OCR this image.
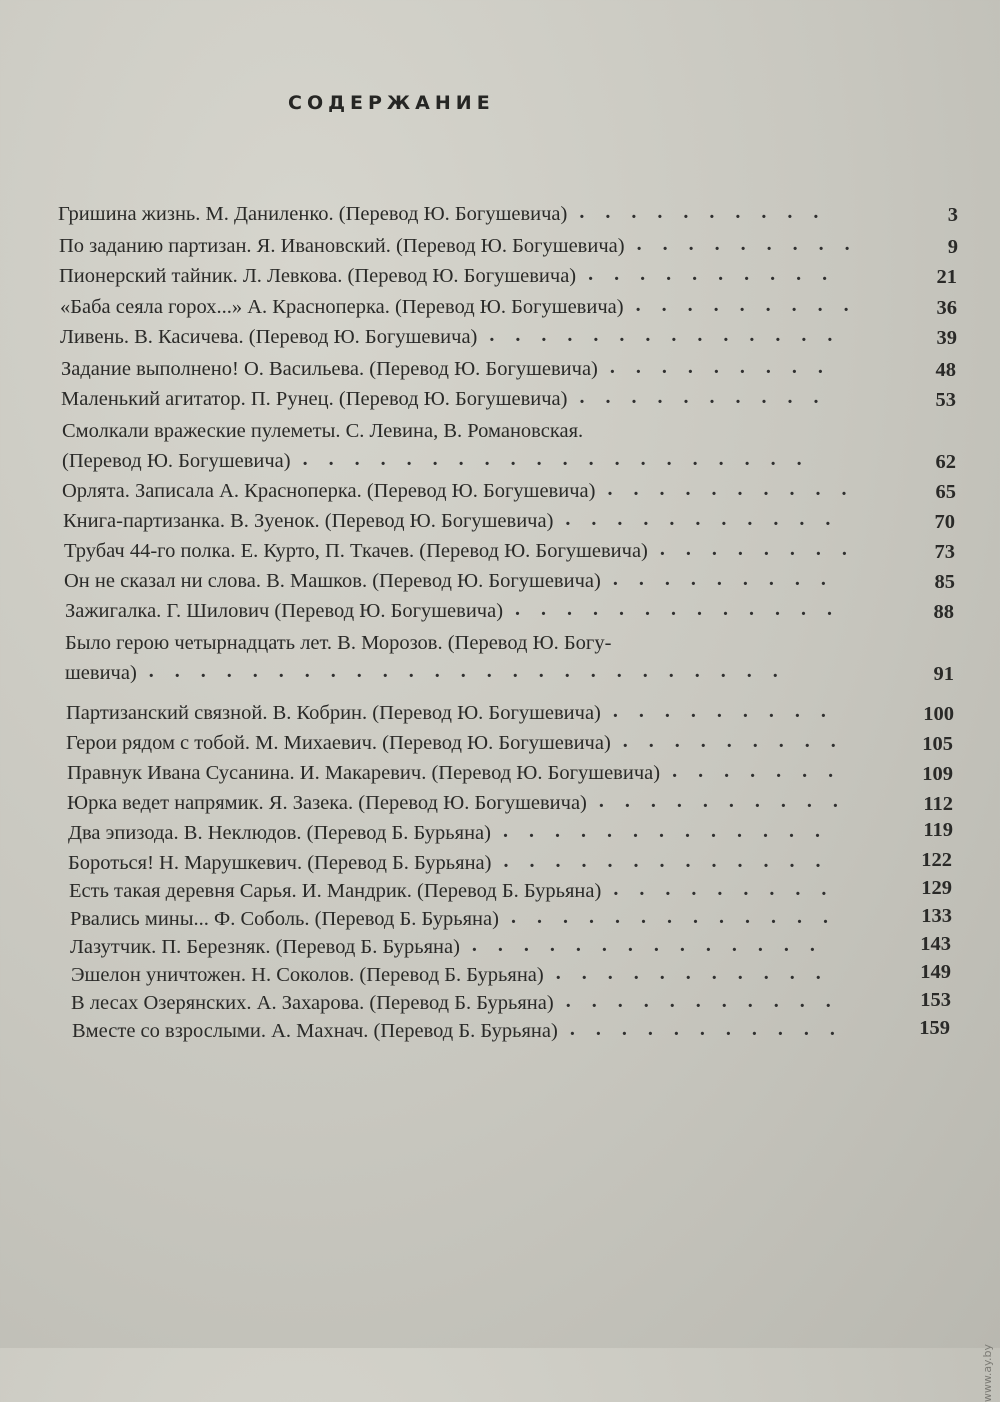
СОДЕРЖАНИЕ
Гришина жизнь. М. Даниленко. (Перевод Ю. Богушевича) ..........	3
По заданию партизан. Я. Ивановский. (Перевод Ю. Богушевича) .........	9
Пионерский тайник. Л. Левкова. (Перевод Ю. Богушевича) ..........	21
«Баба сеяла горох...» А. Красноперка. (Перевод Ю. Богушевича) .........	36
Ливень. В. Касичева. (Перевод Ю. Богушевича) ..............	39
Задание выполнено! О. Васильева. (Перевод Ю. Богушевича) .........	48
Маленький агитатор. П. Рунец. (Перевод Ю. Богушевича) ..........	53
Смолкали вражеские пулеметы. С. Левина, В. Романовская.
(Перевод Ю. Богушевича) ....................	62
Орлята. Записала А. Красноперка. (Перевод Ю. Богушевича) ..........	65
Книга-партизанка. В. Зуенок. (Перевод Ю. Богушевича) ...........	70
Трубач 44-го полка. Е. Курто, П. Ткачев. (Перевод Ю. Богушевича) ........	73
Он не сказал ни слова. В. Машков. (Перевод Ю. Богушевича) .........	85
Зажигалка. Г. Шилович (Перевод Ю. Богушевича) .............	88
Было герою четырнадцать лет. В. Морозов. (Перевод Ю. Богу-
шевича) .........................	91
Партизанский связной. В. Кобрин. (Перевод Ю. Богушевича) .........	100
Герои рядом с тобой. М. Михаевич. (Перевод Ю. Богушевича) .........	105
Правнук Ивана Сусанина. И. Макаревич. (Перевод Ю. Богушевича) .......	109
Юрка ведет напрямик. Я. Зазека. (Перевод Ю. Богушевича) ..........	112
Два эпизода. В. Неклюдов. (Перевод Б. Бурьяна) .............	119
Бороться! Н. Марушкевич. (Перевод Б. Бурьяна) .............	122
Есть такая деревня Сарья. И. Мандрик. (Перевод Б. Бурьяна) .........	129
Рвались мины... Ф. Соболь. (Перевод Б. Бурьяна) .............	133
Лазутчик. П. Березняк. (Перевод Б. Бурьяна) ..............	143
Эшелон уничтожен. Н. Соколов. (Перевод Б. Бурьяна) ...........	149
В лесах Озерянских. А. Захарова. (Перевод Б. Бурьяна) ...........	153
Вместе со взрослыми. А. Махнач. (Перевод Б. Бурьяна) ...........	159
www.ay.by
